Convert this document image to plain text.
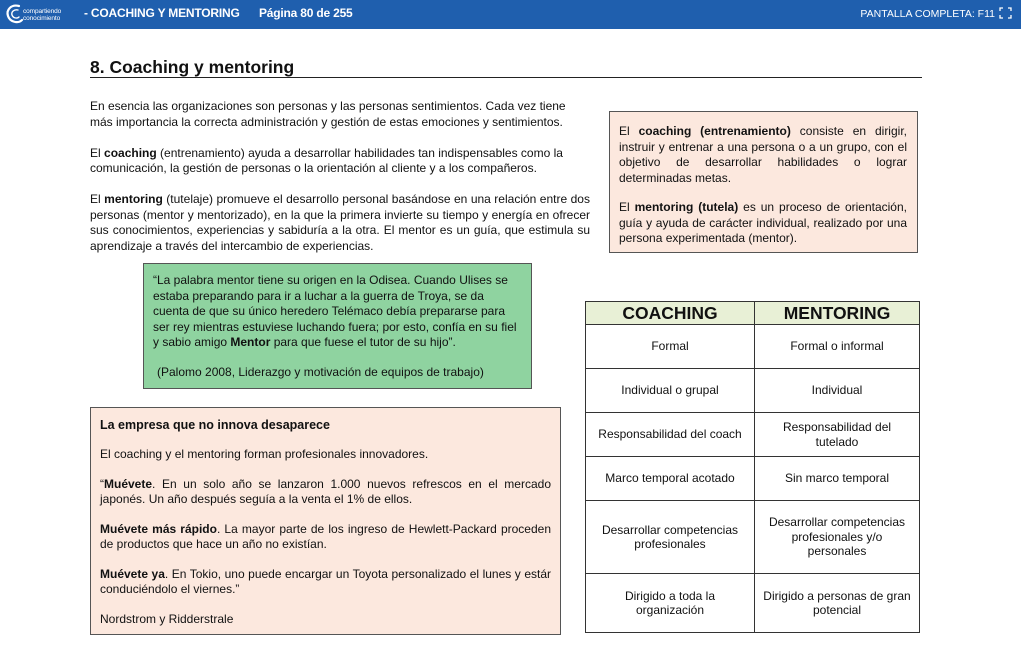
compartiendo
conocimiento - COACHING Y MENTORING Página 80 de 255	PANTALLA COMPLETA: F11
8. Coaching y mentoring

En esencia las organizaciones son personas y las personas sentimientos. Cada vez tiene más importancia la correcta administración y gestión de estas emociones y sentimientos.

El coaching (entrenamiento) ayuda a desarrollar habilidades tan indispensables como la comunicación, la gestión de personas o la orientación al cliente y a los compañeros.

El mentoring (tutelaje) promueve el desarrollo personal basándose en una relación entre dos personas (mentor y mentorizado), en la que la primera invierte su tiempo y energía en ofrecer sus conocimientos, experiencias y sabiduría a la otra. El mentor es un guía, que estimula su aprendizaje a través del intercambio de experiencias.

El coaching (entrenamiento) consiste en dirigir, instruir y entrenar a una persona o a un grupo, con el objetivo de desarrollar habilidades o lograr determinadas metas.

El mentoring (tutela) es un proceso de orientación, guía y ayuda de carácter individual, realizado por una persona experimentada (mentor).

“La palabra mentor tiene su origen en la Odisea. Cuando Ulises se estaba preparando para ir a luchar a la guerra de Troya, se da cuenta de que su único heredero Telémaco debía prepararse para ser rey mientras estuviese luchando fuera; por esto, confía en su fiel y sabio amigo Mentor para que fuese el tutor de su hijo”.
(Palomo 2008, Liderazgo y motivación de equipos de trabajo)
La empresa que no innova desaparece

El coaching y el mentoring forman profesionales innovadores.

“Muévete. En un solo año se lanzaron 1.000 nuevos refrescos en el mercado japonés. Un año después seguía a la venta el 1% de ellos.

Muévete más rápido. La mayor parte de los ingreso de Hewlett-Packard proceden de productos que hace un año no existían.

Muévete ya. En Tokio, uno puede encargar un Toyota personalizado el lunes y estár conduciéndolo el viernes.”

Nordstrom y Ridderstrale

COACHING	MENTORING
Formal	Formal o informal
Individual o grupal	Individual
Responsabilidad del coach	Responsabilidad del tutelado
Marco temporal acotado	Sin marco temporal
Desarrollar competencias profesionales	Desarrollar competencias profesionales y/o personales
Dirigido a toda la organización	Dirigido a personas de gran potencial
